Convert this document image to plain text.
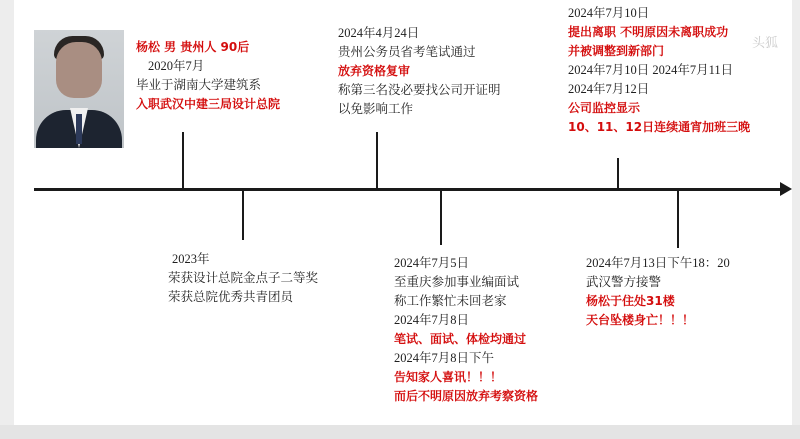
杨松 男 贵州人 90后
2020年7月
毕业于湖南大学建筑系
入职武汉中建三局设计总院
2024年4月24日
贵州公务员省考笔试通过
放弃资格复审
称第三名没必要找公司开证明
以免影响工作
2024年7月10日
提出离职 不明原因未离职成功
并被调整到新部门
2024年7月10日 2024年7月11日
2024年7月12日
公司监控显示
10、11、12日连续通宵加班三晚
头狐
2023年
荣获设计总院金点子二等奖
荣获总院优秀共青团员
2024年7月5日
至重庆参加事业编面试
称工作繁忙未回老家
2024年7月8日
笔试、面试、体检均通过
2024年7月8日下午
告知家人喜讯！！！
而后不明原因放弃考察资格
2024年7月13日下午18：20
武汉警方接警
杨松于住处31楼
天台坠楼身亡！！！
